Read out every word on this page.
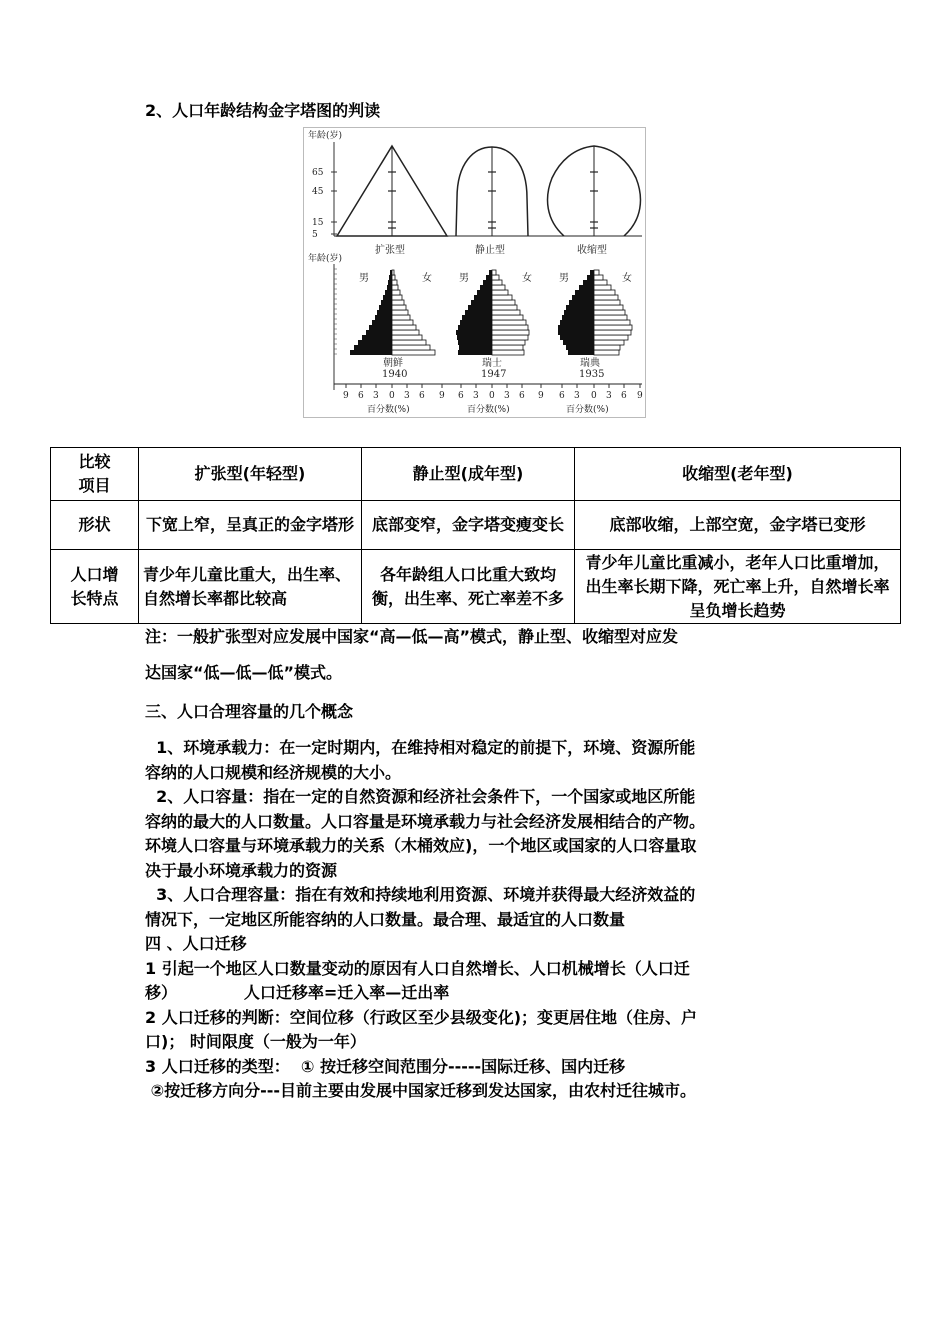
2、人口年龄结构金字塔图的判读
年龄(岁)
65
45
15
5
扩张型	静止型	收缩型
年龄(岁)
男	女	男	女	男	女
朝鲜
1940
瑞士
1947
瑞典
1935
9 6 3 0 3 6 9 6 3 0 3 6 9 6 3 0 3 6 9
百分数(%)	百分数(%)	百分数(%)
比较
项目	扩张型(年轻型)	静止型(成年型)	收缩型(老年型)
形状	下宽上窄，呈真正的金字塔形	底部变窄，金字塔变瘦变长	底部收缩，上部空宽，金字塔已变形
人口增
长特点	青少年儿童比重大，出生率、自然增长率都比较高	各年龄组人口比重大致均衡，出生率、死亡率差不多	青少年儿童比重减小，老年人口比重增加，出生率长期下降，死亡率上升，自然增长率呈负增长趋势
注：一般扩张型对应发展中国家“高—低—高”模式，静止型、收缩型对应发
达国家“低—低—低”模式。
三、人口合理容量的几个概念
1、环境承载力：在一定时期内，在维持相对稳定的前提下，环境、资源所能
容纳的人口规模和经济规模的大小。
2、人口容量：指在一定的自然资源和经济社会条件下，一个国家或地区所能
容纳的最大的人口数量。人口容量是环境承载力与社会经济发展相结合的产物。
环境人口容量与环境承载力的关系（木桶效应)，一个地区或国家的人口容量取
决于最小环境承载力的资源
3、人口合理容量：指在有效和持续地利用资源、环境并获得最大经济效益的
情况下，一定地区所能容纳的人口数量。最合理、最适宜的人口数量
四 、人口迁移
1 引起一个地区人口数量变动的原因有人口自然增长、人口机械增长（人口迁
移）            人口迁移率=迁入率—迁出率
2 人口迁移的判断：空间位移（行政区至少县级变化)；变更居住地（住房、户
口)； 时间限度（一般为一年）
3 人口迁移的类型：  ① 按迁移空间范围分-----国际迁移、国内迁移
②按迁移方向分---目前主要由发展中国家迁移到发达国家，由农村迁往城市。
